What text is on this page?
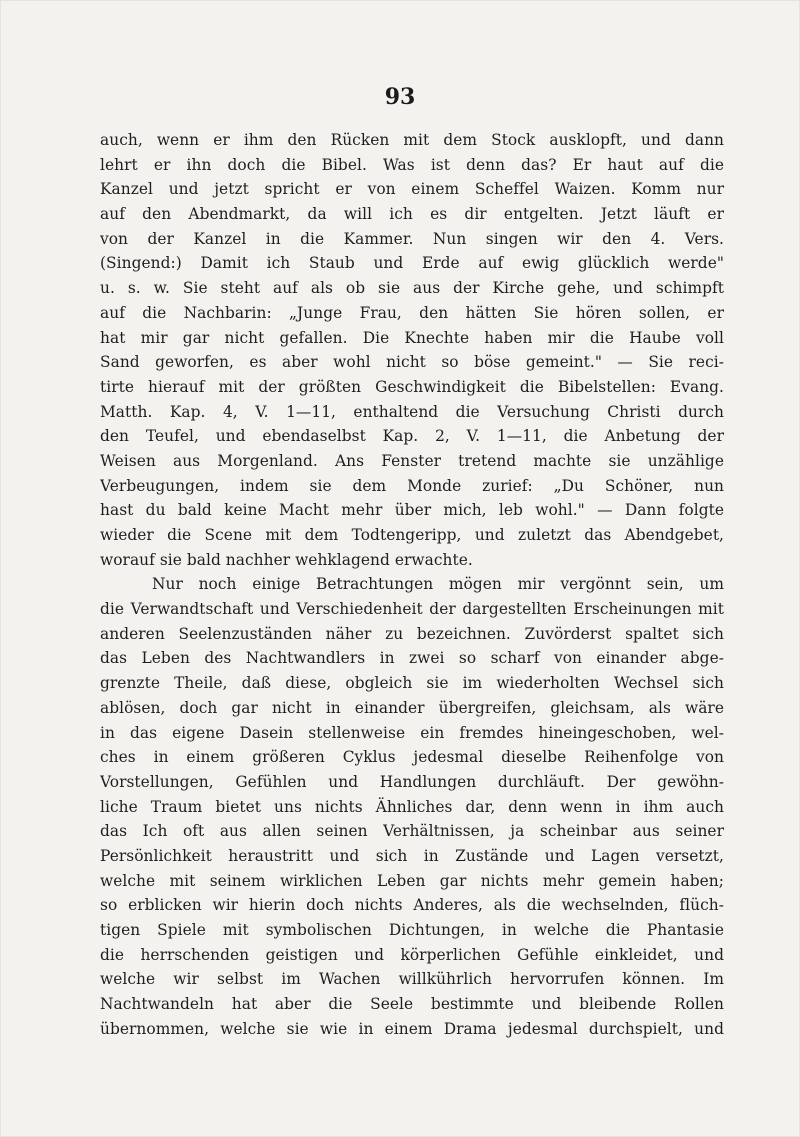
93
auch, wenn er ihm den Rücken mit dem Stock ausklopft, und dann
lehrt er ihn doch die Bibel. Was ist denn das? Er haut auf die
Kanzel und jetzt spricht er von einem Scheffel Waizen. Komm nur
auf den Abendmarkt, da will ich es dir entgelten. Jetzt läuft er
von der Kanzel in die Kammer. Nun singen wir den 4. Vers.
(Singend:) Damit ich Staub und Erde auf ewig glücklich werde"
u. s. w. Sie steht auf als ob sie aus der Kirche gehe, und schimpft
auf die Nachbarin: „Junge Frau, den hätten Sie hören sollen, er
hat mir gar nicht gefallen. Die Knechte haben mir die Haube voll
Sand geworfen, es aber wohl nicht so böse gemeint." — Sie reci-
tirte hierauf mit der größten Geschwindigkeit die Bibelstellen: Evang.
Matth. Kap. 4, V. 1—11, enthaltend die Versuchung Christi durch
den Teufel, und ebendaselbst Kap. 2, V. 1—11, die Anbetung der
Weisen aus Morgenland. Ans Fenster tretend machte sie unzählige
Verbeugungen, indem sie dem Monde zurief: „Du Schöner, nun
hast du bald keine Macht mehr über mich, leb wohl." — Dann folgte
wieder die Scene mit dem Todtengeripp, und zuletzt das Abendgebet,
worauf sie bald nachher wehklagend erwachte.
Nur noch einige Betrachtungen mögen mir vergönnt sein, um
die Verwandtschaft und Verschiedenheit der dargestellten Erscheinungen mit
anderen Seelenzuständen näher zu bezeichnen. Zuvörderst spaltet sich
das Leben des Nachtwandlers in zwei so scharf von einander abge-
grenzte Theile, daß diese, obgleich sie im wiederholten Wechsel sich
ablösen, doch gar nicht in einander übergreifen, gleichsam, als wäre
in das eigene Dasein stellenweise ein fremdes hineingeschoben, wel-
ches in einem größeren Cyklus jedesmal dieselbe Reihenfolge von
Vorstellungen, Gefühlen und Handlungen durchläuft. Der gewöhn-
liche Traum bietet uns nichts Ähnliches dar, denn wenn in ihm auch
das Ich oft aus allen seinen Verhältnissen, ja scheinbar aus seiner
Persönlichkeit heraustritt und sich in Zustände und Lagen versetzt,
welche mit seinem wirklichen Leben gar nichts mehr gemein haben;
so erblicken wir hierin doch nichts Anderes, als die wechselnden, flüch-
tigen Spiele mit symbolischen Dichtungen, in welche die Phantasie
die herrschenden geistigen und körperlichen Gefühle einkleidet, und
welche wir selbst im Wachen willkührlich hervorrufen können. Im
Nachtwandeln hat aber die Seele bestimmte und bleibende Rollen
übernommen, welche sie wie in einem Drama jedesmal durchspielt, und
